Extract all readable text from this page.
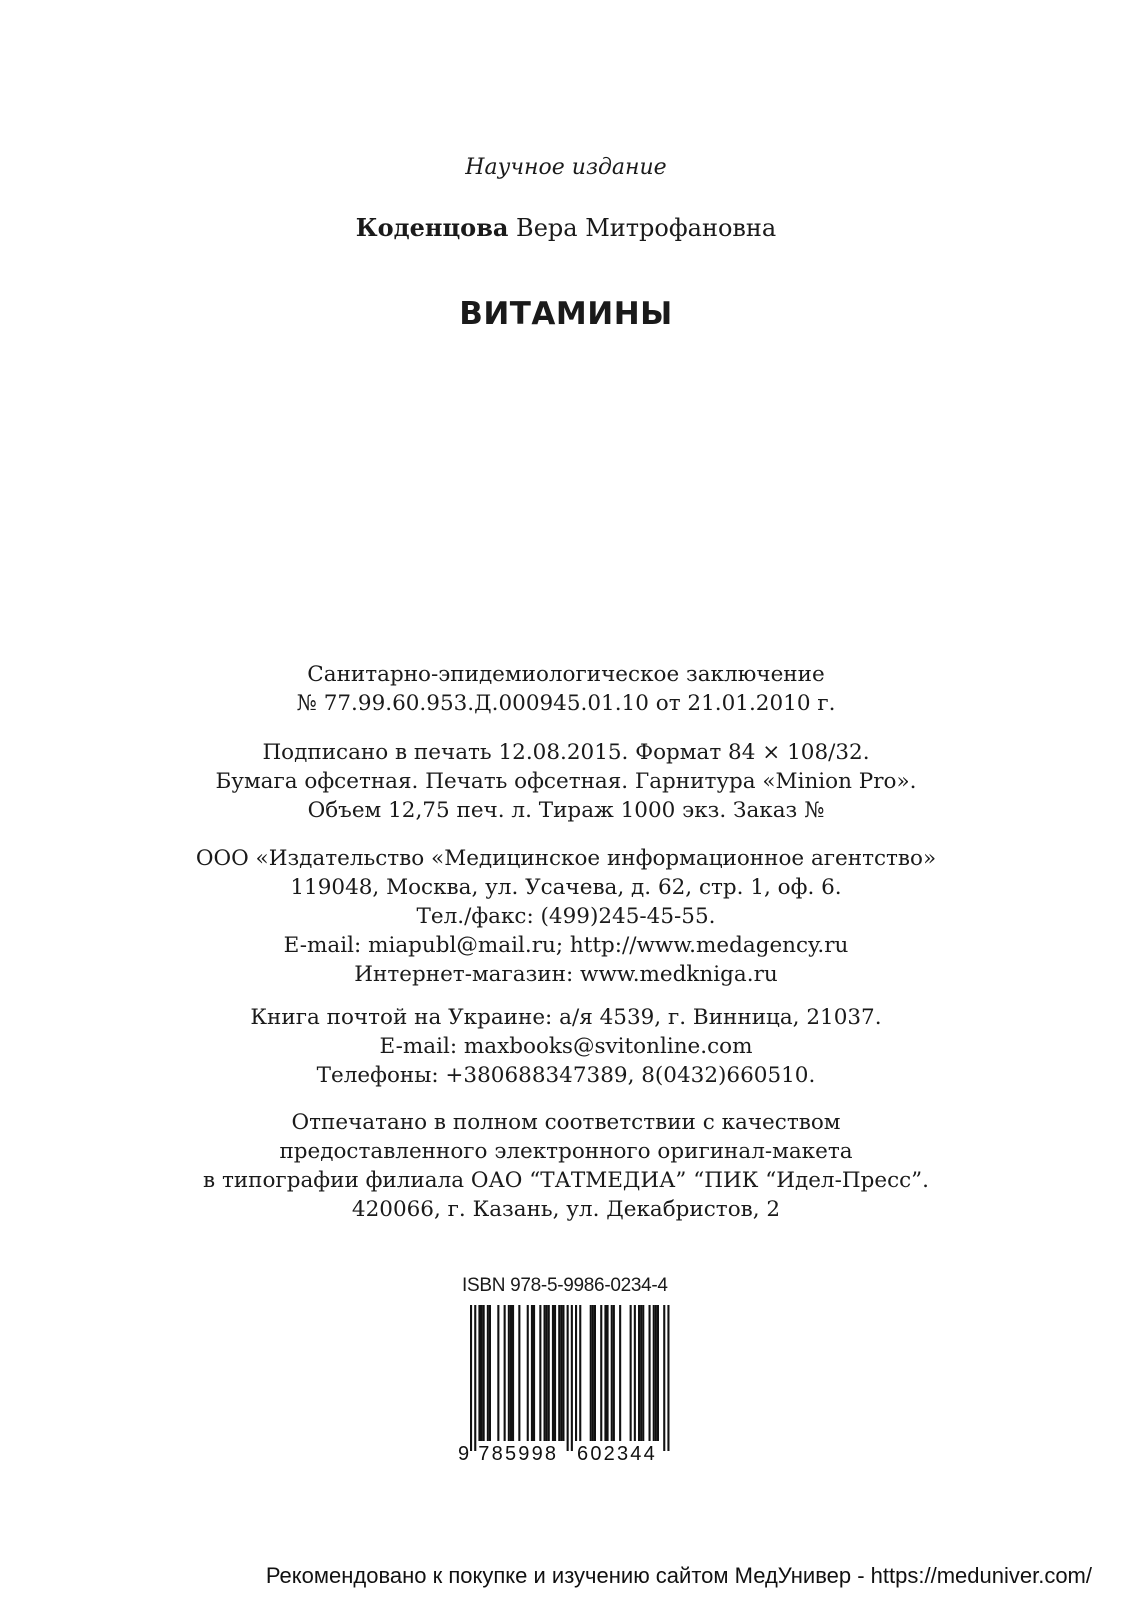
Научное издание
Коденцова Вера Митрофановна
ВИТАМИНЫ
Санитарно-эпидемиологическое заключение
№ 77.99.60.953.Д.000945.01.10 от 21.01.2010 г.
Подписано в печать 12.08.2015. Формат 84 × 108/32.
Бумага офсетная. Печать офсетная. Гарнитура «Minion Pro».
Объем 12,75 печ. л. Тираж 1000 экз. Заказ №
ООО «Издательство «Медицинское информационное агентство»
119048, Москва, ул. Усачева, д. 62, стр. 1, оф. 6.
Тел./факс: (499)245-45-55.
E-mail: miapubl@mail.ru; http://www.medagency.ru
Интернет-магазин: www.medkniga.ru
Книга почтой на Украине: а/я 4539, г. Винница, 21037.
E-mail: maxbooks@svitonline.com
Телефоны: +380688347389, 8(0432)660510.
Отпечатано в полном соответствии с качеством
предоставленного электронного оригинал-макета
в типографии филиала ОАО “ТАТМЕДИА” “ПИК “Идел-Пресс”.
420066, г. Казань, ул. Декабристов, 2
ISBN 978-5-9986-0234-4
9 785998 602344
Рекомендовано к покупке и изучению сайтом МедУнивер - https://meduniver.com/
